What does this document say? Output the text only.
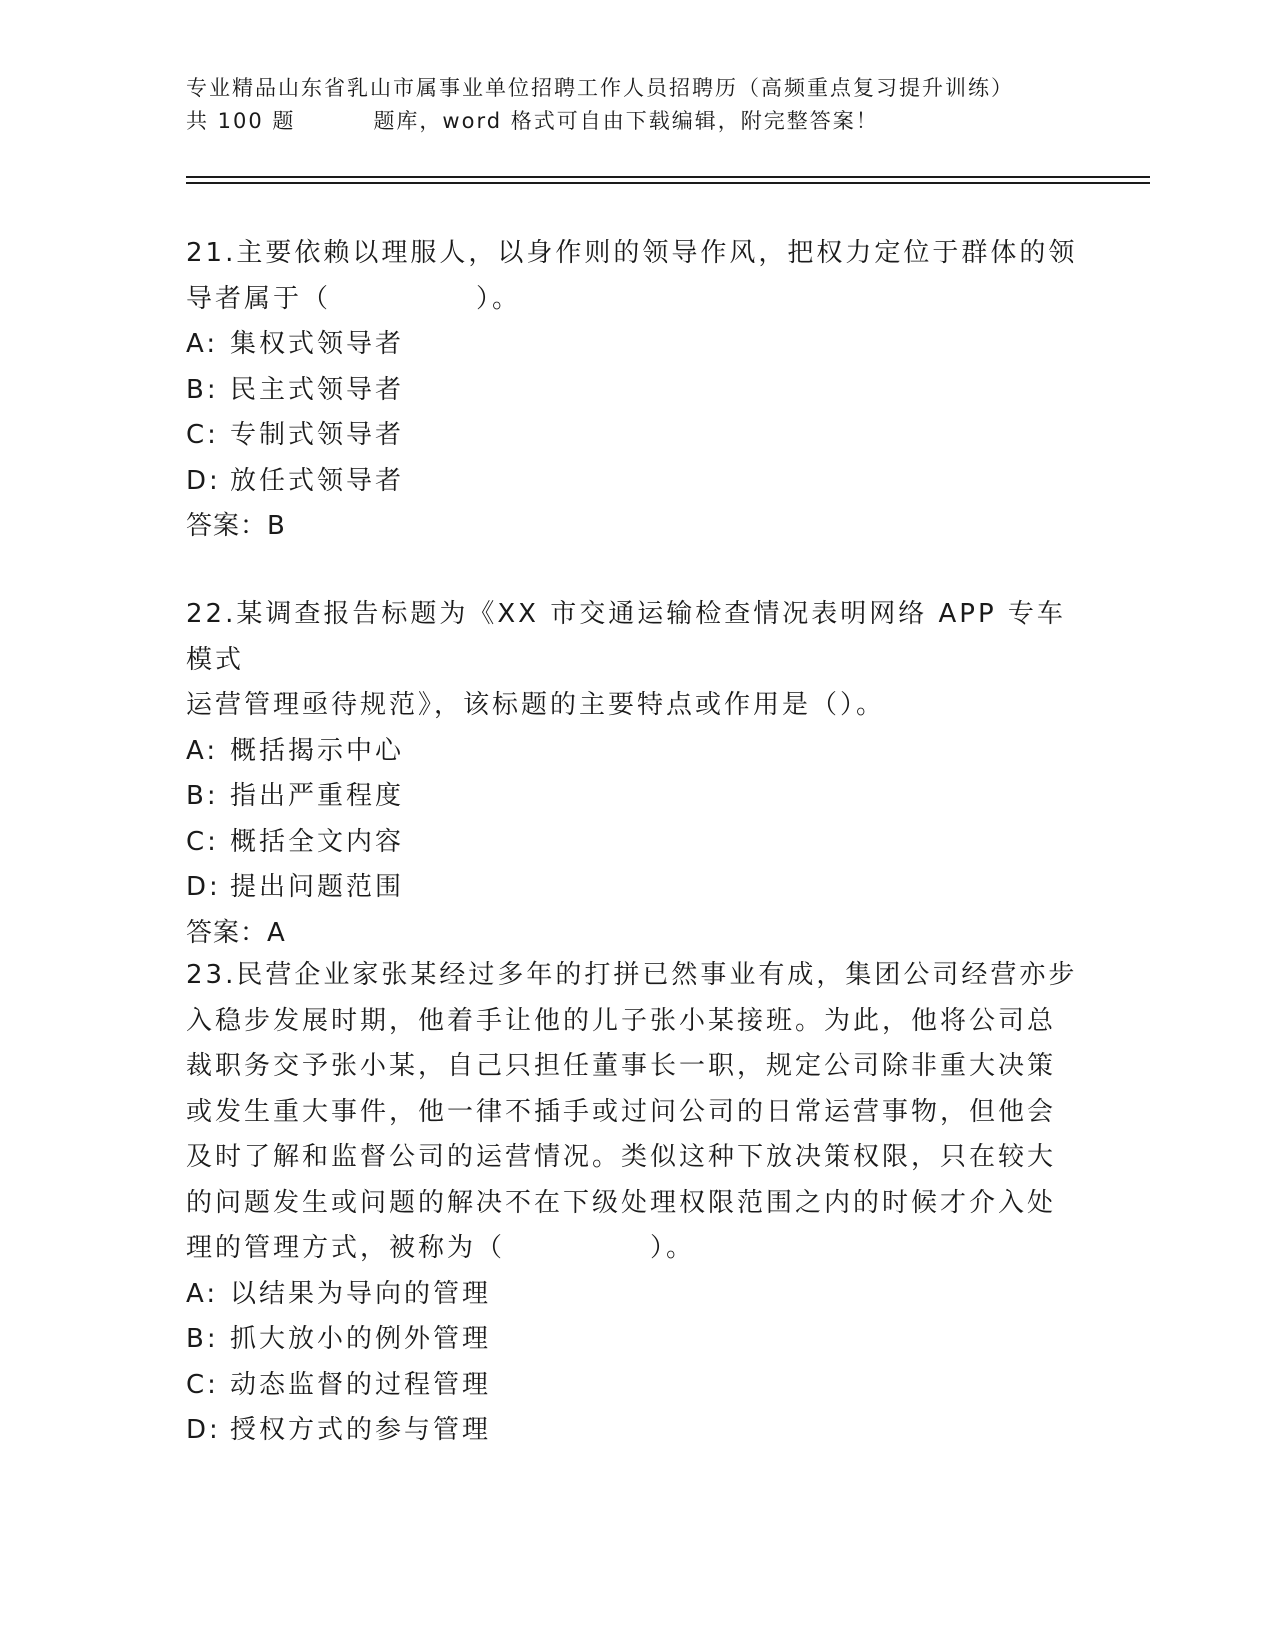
专业精品山东省乳山市属事业单位招聘工作人员招聘历（高频重点复习提升训练）
共 100 题	题库，word 格式可自由下载编辑，附完整答案！
21.主要依赖以理服人，以身作则的领导作风，把权力定位于群体的领
导者属于（　　　　　）。
A: 集权式领导者
B: 民主式领导者
C: 专制式领导者
D: 放任式领导者
答案：B
22.某调查报告标题为《XX 市交通运输检查情况表明网络 APP 专车模式
运营管理亟待规范》，该标题的主要特点或作用是（）。
A: 概括揭示中心
B: 指出严重程度
C: 概括全文内容
D: 提出问题范围
答案：A
23.民营企业家张某经过多年的打拼已然事业有成，集团公司经营亦步
入稳步发展时期，他着手让他的儿子张小某接班。为此，他将公司总
裁职务交予张小某，自己只担任董事长一职，规定公司除非重大决策
或发生重大事件，他一律不插手或过问公司的日常运营事物，但他会
及时了解和监督公司的运营情况。类似这种下放决策权限，只在较大
的问题发生或问题的解决不在下级处理权限范围之内的时候才介入处
理的管理方式，被称为（　　　　　）。
A: 以结果为导向的管理
B: 抓大放小的例外管理
C: 动态监督的过程管理
D: 授权方式的参与管理
